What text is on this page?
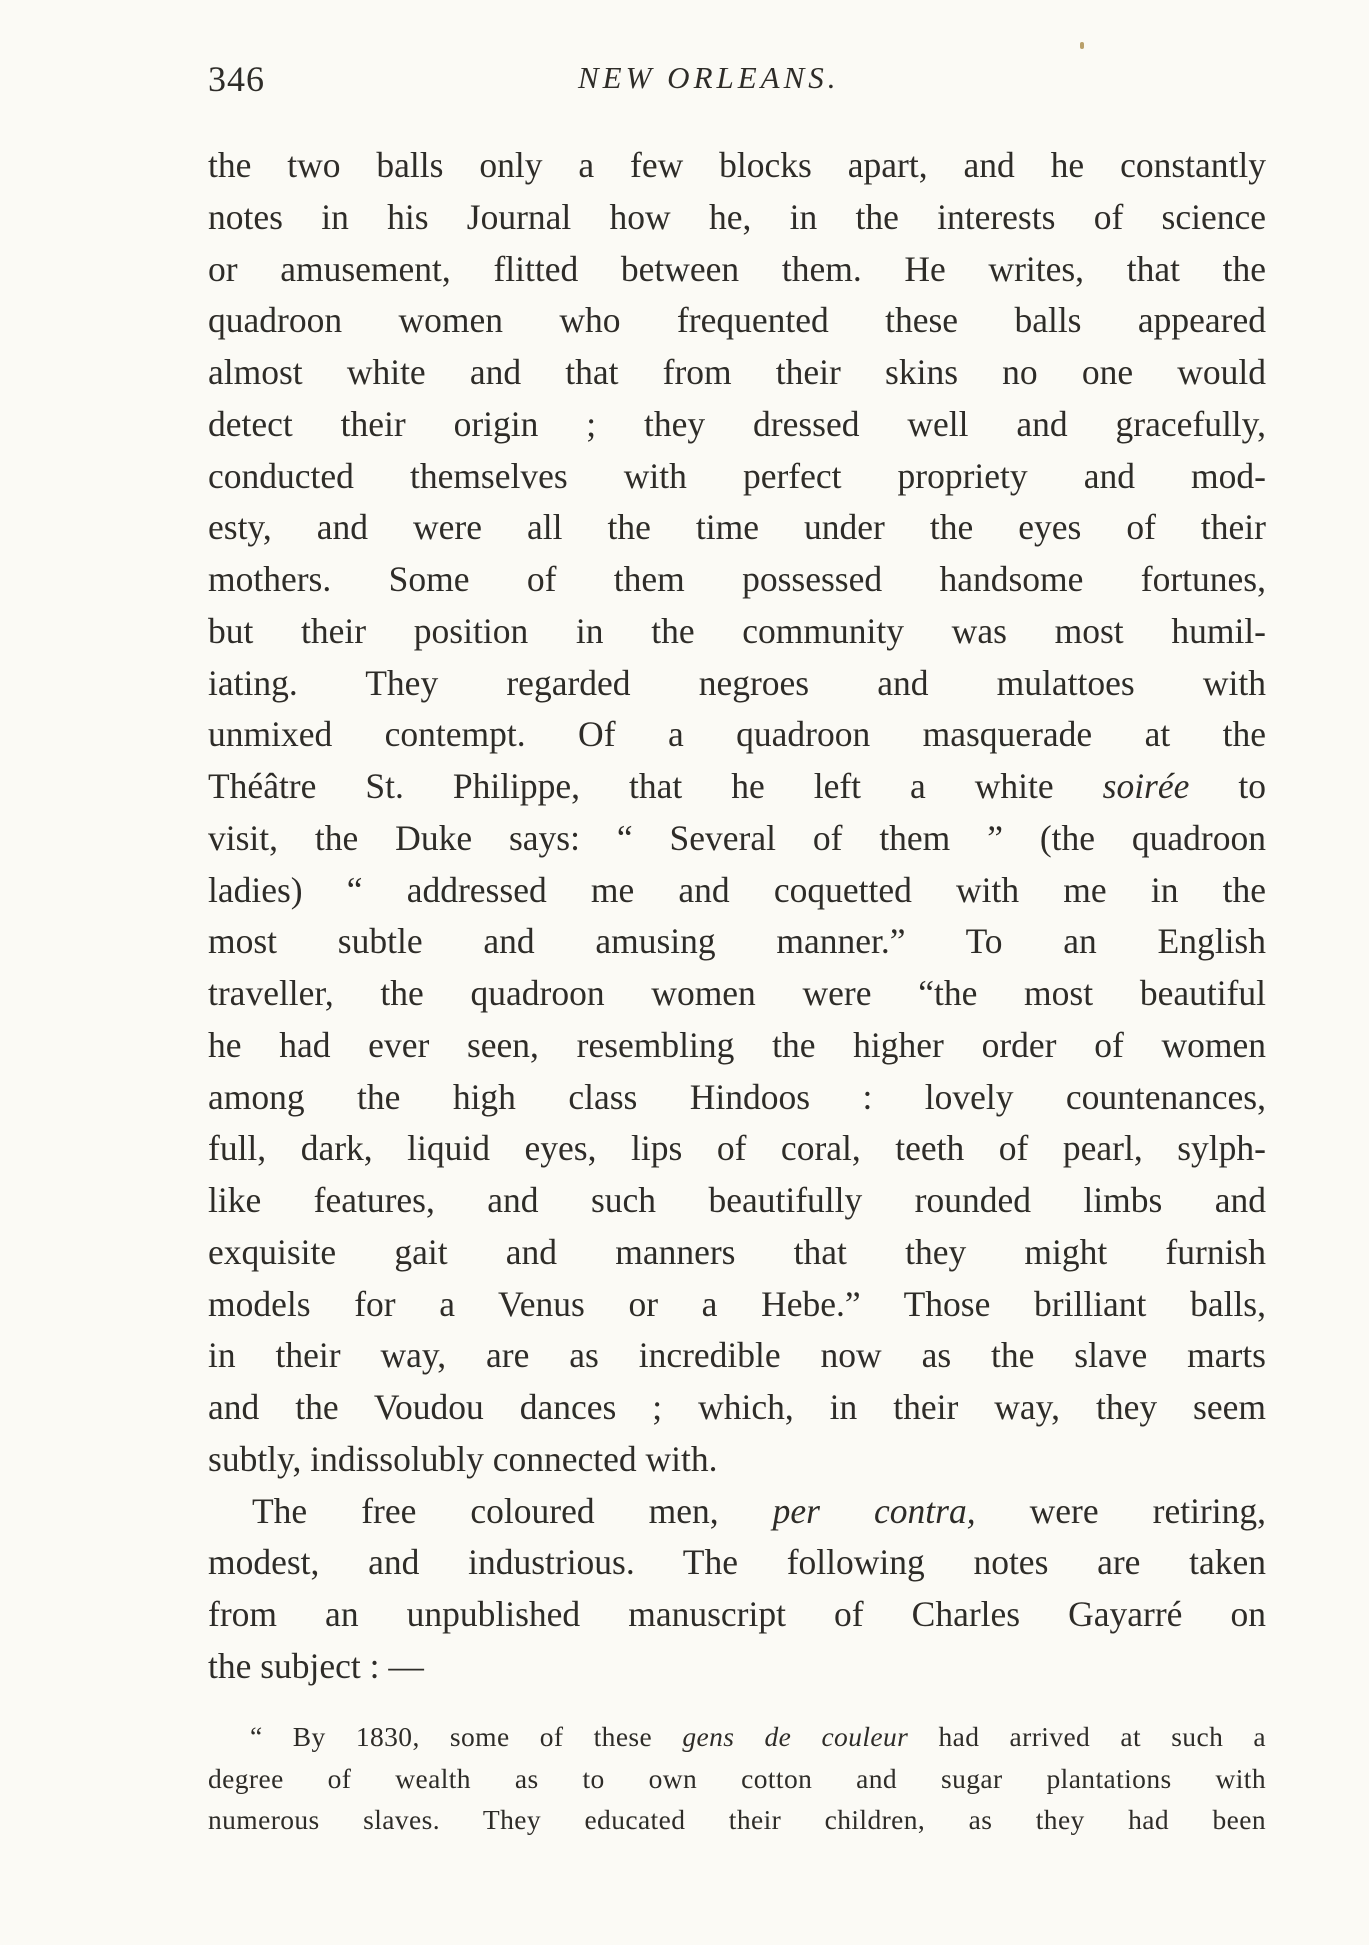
346	NEW ORLEANS.
the two balls only a few blocks apart, and he constantly
notes in his Journal how he, in the interests of science
or amusement, flitted between them. He writes, that the
quadroon women who frequented these balls appeared
almost white and that from their skins no one would
detect their origin ; they dressed well and gracefully,
conducted themselves with perfect propriety and mod-
esty, and were all the time under the eyes of their
mothers. Some of them possessed handsome fortunes,
but their position in the community was most humil-
iating. They regarded negroes and mulattoes with
unmixed contempt. Of a quadroon masquerade at the
Théâtre St. Philippe, that he left a white soirée to
visit, the Duke says: “ Several of them ” (the quadroon
ladies) “ addressed me and coquetted with me in the
most subtle and amusing manner.” To an English
traveller, the quadroon women were “the most beautiful
he had ever seen, resembling the higher order of women
among the high class Hindoos : lovely countenances,
full, dark, liquid eyes, lips of coral, teeth of pearl, sylph-
like features, and such beautifully rounded limbs and
exquisite gait and manners that they might furnish
models for a Venus or a Hebe.” Those brilliant balls,
in their way, are as incredible now as the slave marts
and the Voudou dances ; which, in their way, they seem
subtly, indissolubly connected with.
The free coloured men, per contra, were retiring,
modest, and industrious. The following notes are taken
from an unpublished manuscript of Charles Gayarré on
the subject : —
“ By 1830, some of these gens de couleur had arrived at such a
degree of wealth as to own cotton and sugar plantations with
numerous slaves. They educated their children, as they had been
